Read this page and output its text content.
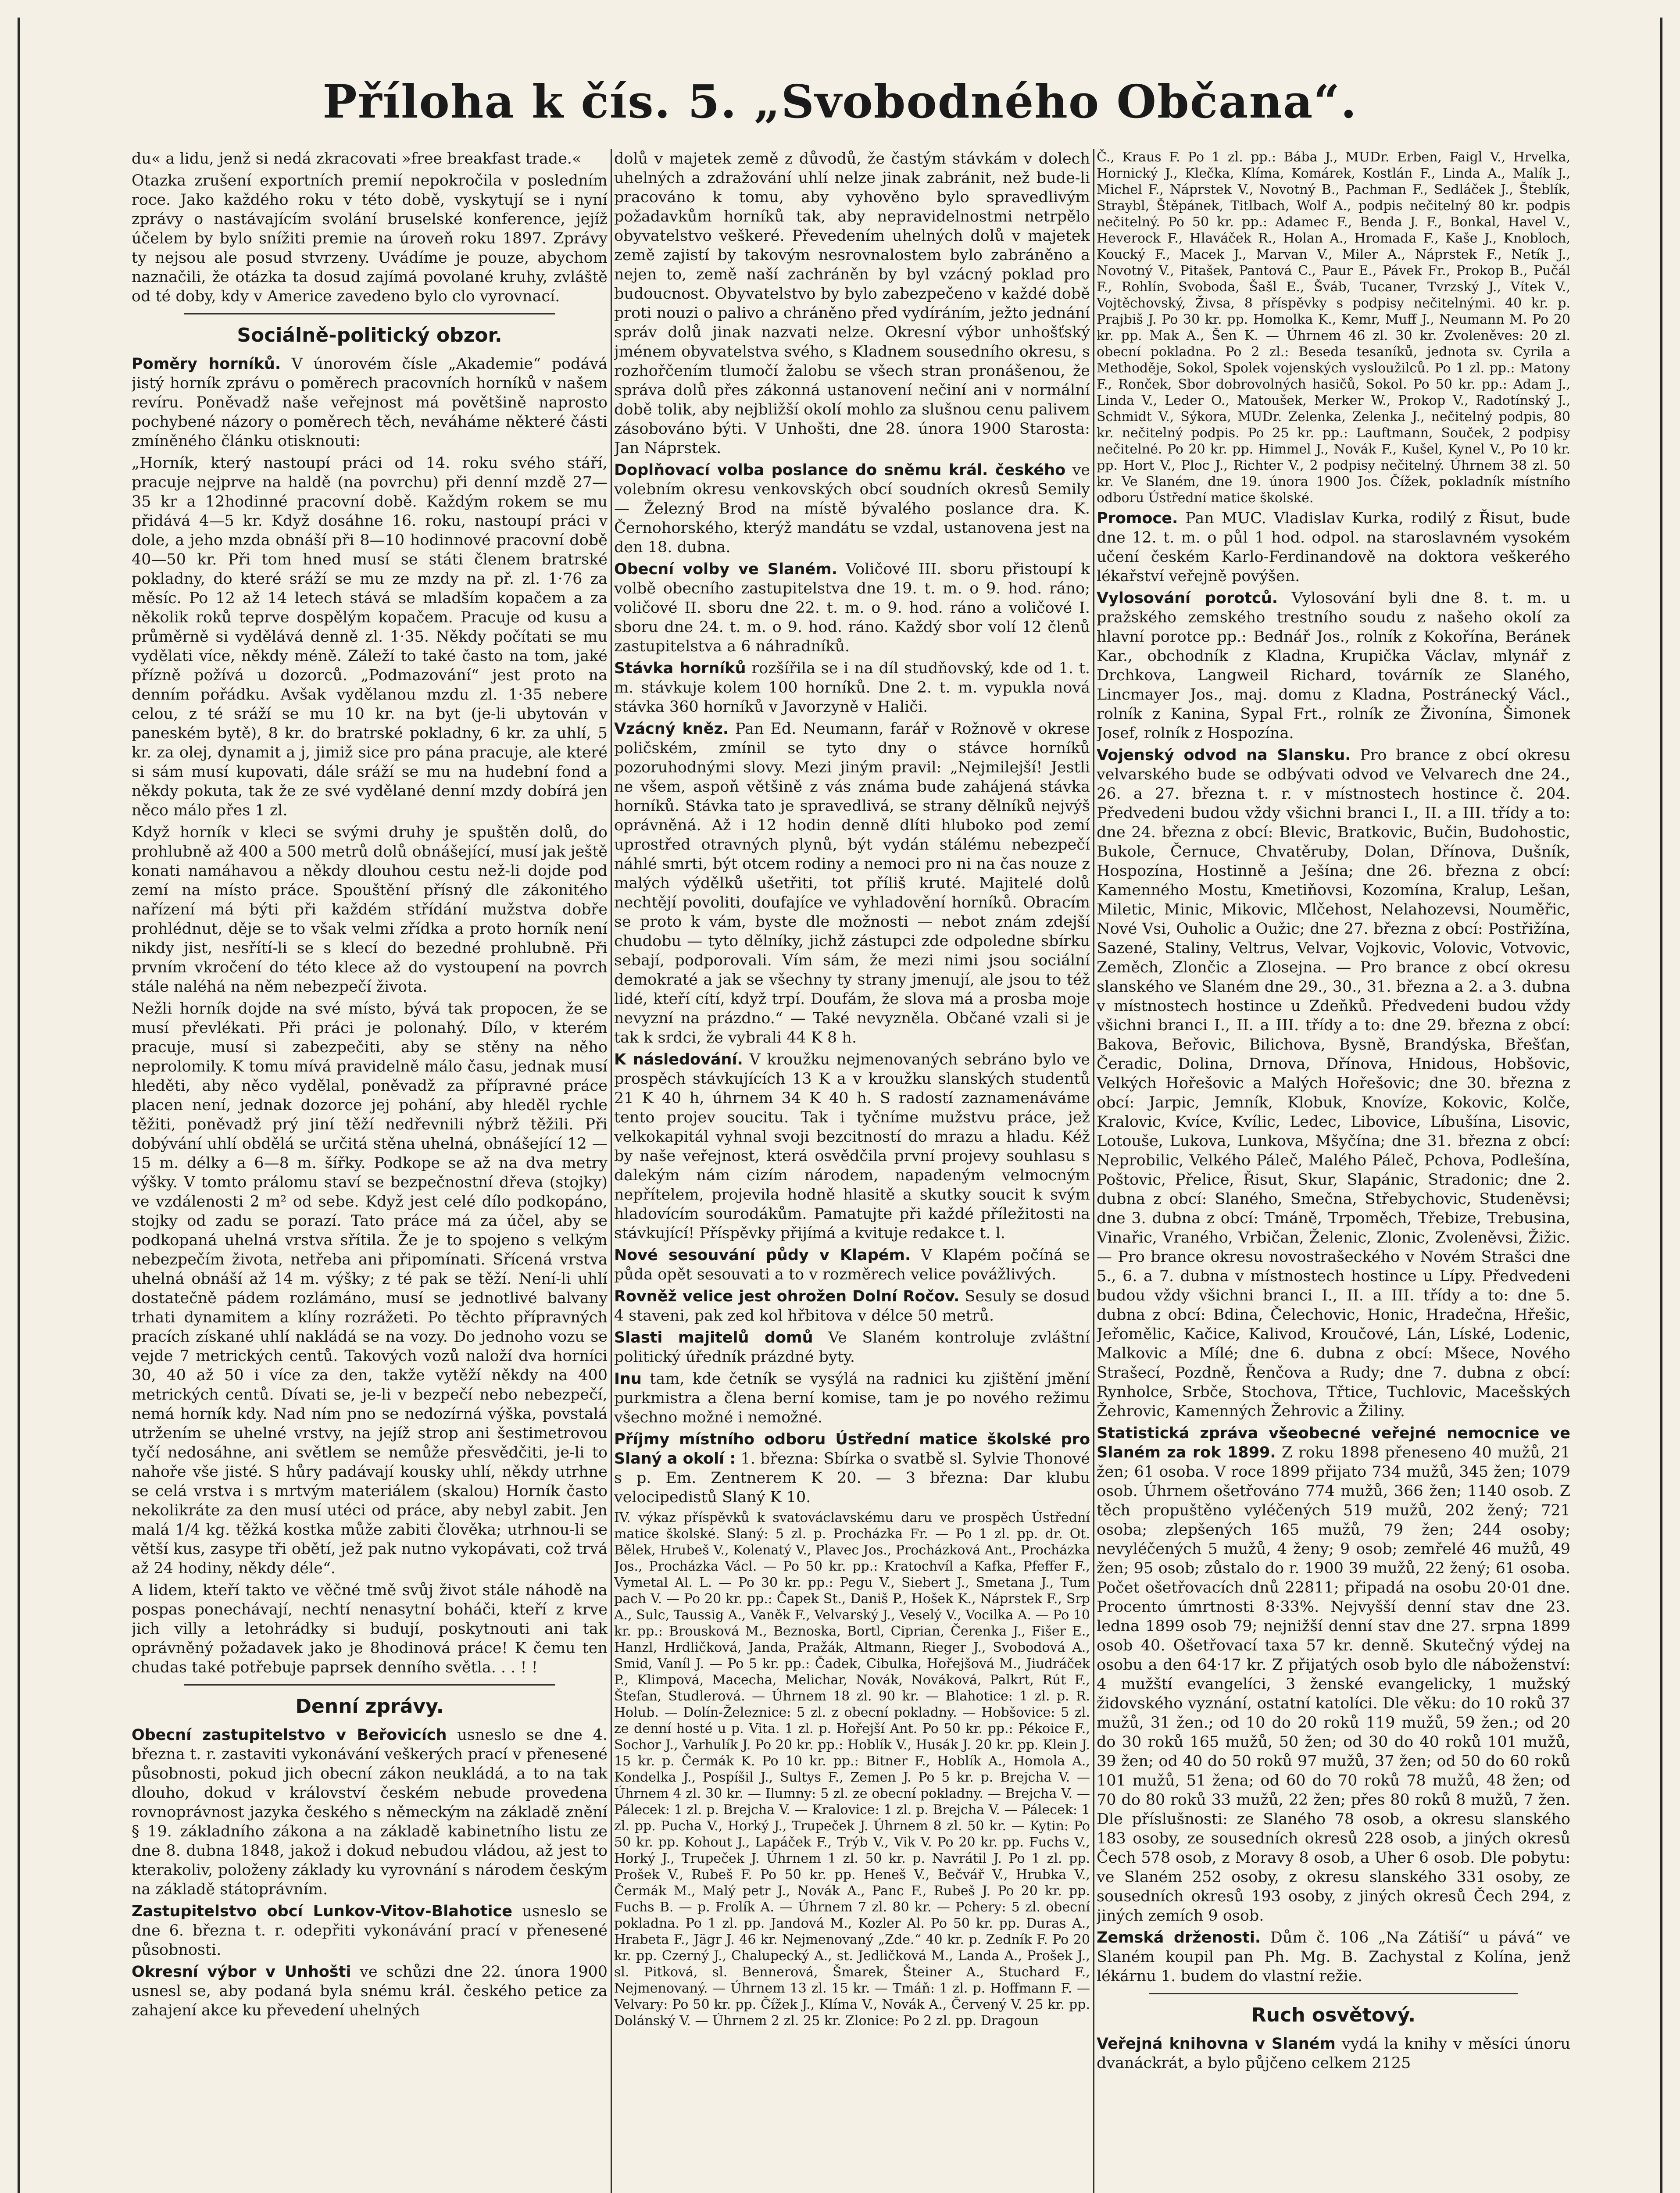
Příloha k čís. 5. „Svobodného Občana“.

du« a lidu, jenž si nedá zkracovati »free breakfast trade.«

Otazka zrušení exportních premií nepokročila v posledním roce. Jako každého roku v této době, vyskytují se i nyní zprávy o nastávajícím svolání bruselské konference, jejíž účelem by bylo snížiti premie na úroveň roku 1897. Zprávy ty nejsou ale posud stvrzeny. Uvádíme je pouze, abychom naznačili, že otázka ta dosud zajímá povolané kruhy, zvláště od té doby, kdy v Americe zavedeno bylo clo vyrovnací.

Sociálně-politický obzor.

Poměry horníků. V únorovém čísle „Akademie“ podává jistý horník zprávu o poměrech pracovních horníků v našem revíru. Poněvadž naše veřejnost má povětšině naprosto pochybené názory o poměrech těch, neváháme některé části zmíněného článku otisknouti:

„Horník, který nastoupí práci od 14. roku svého stáří, pracuje nejprve na haldě (na povrchu) při denní mzdě 27—35 kr a 12hodinné pracovní době. Každým rokem se mu přidává 4—5 kr. Když dosáhne 16. roku, nastoupí práci v dole, a jeho mzda obnáší při 8—10 hodinnové pracovní době 40—50 kr. Při tom hned musí se státi členem bratrské pokladny, do které sráží se mu ze mzdy na př. zl. 1·76 za měsíc. Po 12 až 14 letech stává se mladším kopačem a za několik roků teprve dospělým kopačem. Pracuje od kusu a průměrně si vydělává denně zl. 1·35. Někdy počítati se mu vydělati více, někdy méně. Záleží to také často na tom, jaké přízně požívá u dozorců. „Podmazování“ jest proto na denním pořádku. Avšak vydělanou mzdu zl. 1·35 nebere celou, z té sráží se mu 10 kr. na byt (je-li ubytován v paneském bytě), 8 kr. do bratrské pokladny, 6 kr. za uhlí, 5 kr. za olej, dynamit a j, jimiž sice pro pána pracuje, ale které si sám musí kupovati, dále sráží se mu na hudební fond a někdy pokuta, tak že ze své vydělané denní mzdy dobírá jen něco málo přes 1 zl.

Když horník v kleci se svými druhy je spuštěn dolů, do prohlubně až 400 a 500 metrů dolů obnášející, musí jak ještě konati namáhavou a někdy dlouhou cestu než-li dojde pod zemí na místo práce. Spouštění přísný dle zákonitého nařízení má býti při každém střídání mužstva dobře prohlédnut, děje se to však velmi zřídka a proto horník není nikdy jist, nesřítí-li se s klecí do bezedné prohlubně. Při prvním vkročení do této klece až do vystoupení na povrch stále naléhá na něm nebezpečí života.

Nežli horník dojde na své místo, bývá tak propocen, že se musí převlékati. Při práci je polonahý. Dílo, v kterém pracuje, musí si zabezpečiti, aby se stěny na něho neprolomily. K tomu mívá pravidelně málo času, jednak musí hleděti, aby něco vydělal, poněvadž za přípravné práce placen není, jednak dozorce jej pohání, aby hleděl rychle těžiti, poněvadž prý jiní těží nedřevnili nýbrž těžili. Při dobývání uhlí obdělá se určitá stěna uhelná, obnášející 12 — 15 m. délky a 6—8 m. šířky. Podkope se až na dva metry výšky. V tomto prálomu staví se bezpečnostní dřeva (stojky) ve vzdálenosti 2 m² od sebe. Když jest celé dílo podkopáno, stojky od zadu se porazí. Tato práce má za účel, aby se podkopaná uhelná vrstva sřítila. Že je to spojeno s velkým nebezpečím života, netřeba ani připomínati. Sřícená vrstva uhelná obnáší až 14 m. výšky; z té pak se těží. Není-li uhlí dostatečně pádem rozlámáno, musí se jednotlivé balvany trhati dynamitem a klíny rozrážeti. Po těchto přípravných pracích získané uhlí nakládá se na vozy. Do jednoho vozu se vejde 7 metrických centů. Takových vozů naloží dva horníci 30, 40 až 50 i více za den, takže vytěží někdy na 400 metrických centů. Dívati se, je-li v bezpečí nebo nebezpečí, nemá horník kdy. Nad ním pno se nedozírná výška, povstalá utržením se uhelné vrstvy, na jejíž strop ani šestimetrovou tyčí nedosáhne, ani světlem se nemůže přesvědčiti, je-li to nahoře vše jisté. S hůry padávají kousky uhlí, někdy utrhne se celá vrstva i s mrtvým materiálem (skalou) Horník často nekolikráte za den musí utéci od práce, aby nebyl zabit. Jen malá 1/4 kg. těžká kostka může zabiti člověka; utrhnou-li se větší kus, zasype tři obětí, jež pak nutno vykopávati, což trvá až 24 hodiny, někdy déle“.

A lidem, kteří takto ve věčné tmě svůj život stále náhodě na pospas ponechávají, nechtí nenasytní boháči, kteří z krve jich villy a letohrádky si budují, poskytnouti ani tak oprávněný požadavek jako je 8hodinová práce! K čemu ten chudas také potřebuje paprsek denního světla. . . ! !

Denní zprávy.

Obecní zastupitelstvo v Beřovicích usneslo se dne 4. března t. r. zastaviti vykonávání veškerých prací v přenesené působnosti, pokud jich obecní zákon neukládá, a to na tak dlouho, dokud v království českém nebude provedena rovnoprávnost jazyka českého s německým na základě znění § 19. základního zákona a na základě kabinetního listu ze dne 8. dubna 1848, jakož i dokud nebudou vládou, až jest to kterakoliv, položeny základy ku vyrovnání s národem českým na základě státoprávním.

Zastupitelstvo obcí Lunkov-Vitov-Blahotice usneslo se dne 6. března t. r. odepřiti vykonávání prací v přenesené působnosti.

Okresní výbor v Unhošti ve schůzi dne 22. února 1900 usnesl se, aby podaná byla snému král. českého petice za zahajení akce ku převedení uhelných

dolů v majetek země z důvodů, že častým stávkám v dolech uhelných a zdražování uhlí nelze jinak zabránit, než bude-li pracováno k tomu, aby vyhověno bylo spravedlivým požadavkům horníků tak, aby nepravidelnostmi netrpělo obyvatelstvo veškeré. Převedením uhelných dolů v majetek země zajistí by takovým nesrovnalostem bylo zabráněno a nejen to, země naší zachráněn by byl vzácný poklad pro budoucnost. Obyvatelstvo by bylo zabezpečeno v každé době proti nouzi o palivo a chráněno před vydíráním, ježto jednání správ dolů jinak nazvati nelze. Okresní výbor unhošťský jménem obyvatelstva svého, s Kladnem sousedního okresu, s rozhořčením tlumočí žalobu se všech stran pronášenou, že správa dolů přes zákonná ustanovení nečiní ani v normální době tolik, aby nejbližší okolí mohlo za slušnou cenu palivem zásobováno býti. V Unhošti, dne 28. února 1900 Starosta: Jan Náprstek.

Doplňovací volba poslance do sněmu král. českého ve volebním okresu venkovských obcí soudních okresů Semily — Železný Brod na místě bývalého poslance dra. K. Černohorského, kterýž mandátu se vzdal, ustanovena jest na den 18. dubna.

Obecní volby ve Slaném. Voličové III. sboru přistoupí k volbě obecního zastupitelstva dne 19. t. m. o 9. hod. ráno; voličové II. sboru dne 22. t. m. o 9. hod. ráno a voličové I. sboru dne 24. t. m. o 9. hod. ráno. Každý sbor volí 12 členů zastupitelstva a 6 náhradníků.

Stávka horníků rozšířila se i na díl studňovský, kde od 1. t. m. stávkuje kolem 100 horníků. Dne 2. t. m. vypukla nová stávka 360 horníků v Javorzyně v Haliči.

Vzácný kněz. Pan Ed. Neumann, farář v Rožnově v okrese poličském, zmínil se tyto dny o stávce horníků pozoruhodnými slovy. Mezi jiným pravil: „Nejmilejší! Jestli ne všem, aspoň většině z vás známa bude zahájená stávka horníků. Stávka tato je spravedlivá, se strany dělníků nejvýš oprávněná. Až i 12 hodin denně dlíti hluboko pod zemí uprostřed otravných plynů, být vydán stálému nebezpečí náhlé smrti, být otcem rodiny a nemoci pro ni na čas nouze z malých výdělků ušetřiti, tot příliš kruté. Majitelé dolů nechtějí povoliti, doufajíce ve vyhladovění horníků. Obracím se proto k vám, byste dle možnosti — nebot znám zdejší chudobu — tyto dělníky, jichž zástupci zde odpoledne sbírku sebají, podporovali. Vím sám, že mezi nimi jsou sociální demokraté a jak se všechny ty strany jmenují, ale jsou to též lidé, kteří cítí, když trpí. Doufám, že slova má a prosba moje nevyzní na prázdno.“ — Také nevyzněla. Občané vzali si je tak k srdci, že vybrali 44 K 8 h.

K následování. V kroužku nejmenovaných sebráno bylo ve prospěch stávkujících 13 K a v kroužku slanských studentů 21 K 40 h, úhrnem 34 K 40 h. S radostí zaznamenáváme tento projev soucitu. Tak i tyčníme mužstvu práce, jež velkokapitál vyhnal svoji bezcitností do mrazu a hladu. Kéž by naše veřejnost, která osvědčila první projevy souhlasu s dalekým nám cizím národem, napadeným velmocným nepřítelem, projevila hodně hlasitě a skutky soucit k svým hladovícím sourodákům. Pamatujte při každé příležitosti na stávkující! Příspěvky přijímá a kvituje redakce t. l.

Nové sesouvání půdy v Klapém. V Klapém počíná se půda opět sesouvati a to v rozměrech velice povážlivých.

Rovněž velice jest ohrožen Dolní Ročov. Sesuly se dosud 4 staveni, pak zed kol hřbitova v délce 50 metrů.

Slasti majitelů domů Ve Slaném kontroluje zvláštní politický úředník prázdné byty.

Inu tam, kde četník se vysýlá na radnici ku zjištění jmění purkmistra a člena berní komise, tam je po nového režimu všechno možné i nemožné.

Příjmy místního odboru Ústřední matice školské pro Slaný a okolí : 1. března: Sbírka o svatbě sl. Sylvie Thonové s p. Em. Zentnerem K 20. — 3 března: Dar klubu velocipedistů Slaný K 10.

IV. výkaz příspěvků k svatováclavskému daru ve prospěch Ústřední matice školské. Slaný: 5 zl. p. Procházka Fr. — Po 1 zl. pp. dr. Ot. Bělek, Hrubeš V., Kolenatý V., Plavec Jos., Procházková Ant., Procházka Jos., Procházka Václ. — Po 50 kr. pp.: Kratochvíl a Kafka, Pfeffer F., Vymetal Al. L. — Po 30 kr. pp.: Pegu V., Siebert J., Smetana J., Tum pach V. — Po 20 kr. pp.: Čapek St., Daniš P., Hošek K., Náprstek F., Srp A., Sulc, Taussig A., Vaněk F., Velvarský J., Veselý V., Vocilka A. — Po 10 kr. pp.: Brousková M., Beznoska, Bortl, Ciprian, Čerenka J., Fišer E., Hanzl, Hrdličková, Janda, Pražák, Altmann, Rieger J., Svobodová A., Smid, Vaníl J. — Po 5 kr. pp.: Čadek, Cibulka, Hořejšová M., Jiudráček P., Klimpová, Macecha, Melichar, Novák, Nováková, Palkrt, Rút F., Štefan, Studlerová. — Úhrnem 18 zl. 90 kr. — Blahotice: 1 zl. p. R. Holub. — Dolín-Železnice: 5 zl. z obecní pokladny. — Hobšovice: 5 zl. ze denní hosté u p. Vita. 1 zl. p. Hořejší Ant. Po 50 kr. pp.: Pékoice F., Sochor J., Varhulík J. Po 20 kr. pp.: Hoblík V., Husák J. 20 kr. pp. Klein J. 15 kr. p. Čermák K. Po 10 kr. pp.: Bitner F., Hoblík A., Homola A., Kondelka J., Pospíšil J., Sultys F., Zemen J. Po 5 kr. p. Brejcha V. — Úhrnem 4 zl. 30 kr. — Ilumny: 5 zl. ze obecní pokladny. — Brejcha V. — Pálecek: 1 zl. p. Brejcha V. — Kralovice: 1 zl. p. Brejcha V. — Pálecek: 1 zl. pp. Pucha V., Horký J., Trupeček J. Úhrnem 8 zl. 50 kr. — Kytin: Po 50 kr. pp. Kohout J., Lapáček F., Trýb V., Vik V. Po 20 kr. pp. Fuchs V., Horký J., Trupeček J. Úhrnem 1 zl. 50 kr. p. Navrátil J. Po 1 zl. pp. Prošek V., Rubeš F. Po 50 kr. pp. Heneš V., Bečvář V., Hrubka V., Čermák M., Malý petr J., Novák A., Panc F., Rubeš J. Po 20 kr. pp. Fuchs B. — p. Frolík A. — Úhrnem 7 zl. 80 kr. — Pchery: 5 zl. obecní pokladna. Po 1 zl. pp. Jandová M., Kozler Al. Po 50 kr. pp. Duras A., Hrabeta F., Jägr J. 46 kr. Nejmenovaný „Zde.“ 40 kr. p. Zedník F. Po 20 kr. pp. Czerný J., Chalupecký A., st. Jedličková M., Landa A., Prošek J., sl. Pitková, sl. Bennerová, Šmarek, Šteiner A., Stuchard F., Nejmenovaný. — Úhrnem 13 zl. 15 kr. — Tmáň: 1 zl. p. Hoffmann F. — Velvary: Po 50 kr. pp. Čížek J., Klíma V., Novák A., Červený V. 25 kr. pp. Dolánský V. — Úhrnem 2 zl. 25 kr. Zlonice: Po 2 zl. pp. Dragoun

Č., Kraus F. Po 1 zl. pp.: Bába J., MUDr. Erben, Faigl V., Hrvelka, Hornický J., Klečka, Klíma, Komárek, Kostlán F., Linda A., Malík J., Michel F., Náprstek V., Novotný B., Pachman F., Sedláček J., Šteblík, Straybl, Štěpánek, Titlbach, Wolf A., podpis nečitelný 80 kr. podpis nečitelný. Po 50 kr. pp.: Adamec F., Benda J. F., Bonkal, Havel V., Heverock F., Hlaváček R., Holan A., Hromada F., Kaše J., Knobloch, Koucký F., Macek J., Marvan V., Miler A., Náprstek F., Netík J., Novotný V., Pitašek, Pantová C., Paur E., Pávek Fr., Prokop B., Pučál F., Rohlín, Svoboda, Šašl E., Šváb, Tucaner, Tvrzský J., Vítek V., Vojtěchovský, Živsa, 8 příspěvky s podpisy nečitelnými. 40 kr. p. Prajbiš J. Po 30 kr. pp. Homolka K., Kemr, Muff J., Neumann M. Po 20 kr. pp. Mak A., Šen K. — Úhrnem 46 zl. 30 kr. Zvoleněves: 20 zl. obecní pokladna. Po 2 zl.: Beseda tesaníků, jednota sv. Cyrila a Methoděje, Sokol, Spolek vojenských vysloužilců. Po 1 zl. pp.: Matony F., Ronček, Sbor dobrovolných hasičů, Sokol. Po 50 kr. pp.: Adam J., Linda V., Leder O., Matoušek, Merker W., Prokop V., Radotínský J., Schmidt V., Sýkora, MUDr. Zelenka, Zelenka J., nečitelný podpis, 80 kr. nečitelný podpis. Po 25 kr. pp.: Lauftmann, Souček, 2 podpisy nečitelné. Po 20 kr. pp. Himmel J., Novák F., Kušel, Kynel V., Po 10 kr. pp. Hort V., Ploc J., Richter V., 2 podpisy nečitelný. Úhrnem 38 zl. 50 kr. Ve Slaném, dne 19. února 1900 Jos. Čížek, pokladník místního odboru Ústřední matice školské.

Promoce. Pan MUC. Vladislav Kurka, rodilý z Řisut, bude dne 12. t. m. o půl 1 hod. odpol. na staroslavném vysokém učení českém Karlo-Ferdinandově na doktora veškerého lékařství veřejně povýšen.

Vylosování porotců. Vylosování byli dne 8. t. m. u pražského zemského trestního soudu z našeho okolí za hlavní porotce pp.: Bednář Jos., rolník z Kokořína, Beránek Kar., obchodník z Kladna, Krupička Václav, mlynář z Drchkova, Langweil Richard, továrník ze Slaného, Lincmayer Jos., maj. domu z Kladna, Postránecký Václ., rolník z Kanina, Sypal Frt., rolník ze Živonína, Šimonek Josef, rolník z Hospozína.

Vojenský odvod na Slansku. Pro brance z obcí okresu velvarského bude se odbývati odvod ve Velvarech dne 24., 26. a 27. března t. r. v místnostech hostince č. 204. Předvedeni budou vždy všichni branci I., II. a III. třídy a to: dne 24. března z obcí: Blevic, Bratkovic, Bučin, Budohostic, Bukole, Černuce, Chvatěruby, Dolan, Dřínova, Dušník, Hospozína, Hostinně a Ješína; dne 26. března z obcí: Kamenného Mostu, Kmetiňovsi, Kozomína, Kralup, Lešan, Miletic, Minic, Mikovic, Mlčehost, Nelahozevsi, Nouměřic, Nové Vsi, Ouholic a Oužic; dne 27. března z obcí: Postřižína, Sazené, Staliny, Veltrus, Velvar, Vojkovic, Volovic, Votvovic, Zeměch, Zlončic a Zlosejna. — Pro brance z obcí okresu slanského ve Slaném dne 29., 30., 31. března a 2. a 3. dubna v místnostech hostince u Zdeňků. Předvedeni budou vždy všichni branci I., II. a III. třídy a to: dne 29. března z obcí: Bakova, Beřovic, Bilichova, Bysně, Brandýska, Břešťan, Čeradic, Dolina, Drnova, Dřínova, Hnidous, Hobšovic, Velkých Hořešovic a Malých Hořešovic; dne 30. března z obcí: Jarpic, Jemník, Klobuk, Knovíze, Kokovic, Kolče, Kralovic, Kvíce, Kvílic, Ledec, Libovice, Líbušína, Lisovic, Lotouše, Lukova, Lunkova, Mšyčína; dne 31. března z obcí: Neprobilic, Velkého Páleč, Malého Páleč, Pchova, Podlešína, Poštovic, Přelice, Řisut, Skur, Slapánic, Stradonic; dne 2. dubna z obcí: Slaného, Smečna, Střebychovic, Studeněvsi; dne 3. dubna z obcí: Tmáně, Trpoměch, Třebize, Trebusina, Vinařic, Vraného, Vrbičan, Želenic, Zlonic, Zvoleněvsi, Žižic. — Pro brance okresu novostrašeckého v Novém Strašci dne 5., 6. a 7. dubna v místnostech hostince u Lípy. Předvedeni budou vždy všichni branci I., II. a III. třídy a to: dne 5. dubna z obcí: Bdina, Čelechovic, Honic, Hradečna, Hřešic, Jeřomělic, Kačice, Kalivod, Kroučové, Lán, Líské, Lodenic, Malkovic a Mílé; dne 6. dubna z obcí: Mšece, Nového Strašecí, Pozdně, Řenčova a Rudy; dne 7. dubna z obcí: Rynholce, Srbče, Stochova, Třtice, Tuchlovic, Macešských Žehrovic, Kamenných Žehrovic a Žiliny.

Statistická zpráva všeobecné veřejné nemocnice ve Slaném za rok 1899. Z roku 1898 přeneseno 40 mužů, 21 žen; 61 osoba. V roce 1899 přijato 734 mužů, 345 žen; 1079 osob. Úhrnem ošetřováno 774 mužů, 366 žen; 1140 osob. Z těch propuštěno vyléčených 519 mužů, 202 žený; 721 osoba; zlepšených 165 mužů, 79 žen; 244 osoby; nevyléčených 5 mužů, 4 ženy; 9 osob; zemřelé 46 mužů, 49 žen; 95 osob; zůstalo do r. 1900 39 mužů, 22 žený; 61 osoba. Počet ošetřovacích dnů 22811; připadá na osobu 20·01 dne. Procento úmrtnosti 8·33%. Nejvyšší denní stav dne 23. ledna 1899 osob 79; nejnižší denní stav dne 27. srpna 1899 osob 40. Ošetřovací taxa 57 kr. denně. Skutečný výdej na osobu a den 64·17 kr. Z přijatých osob bylo dle náboženství: 4 mužští evangelíci, 3 ženské evangelicky, 1 mužský židovského vyznání, ostatní katolíci. Dle věku: do 10 roků 37 mužů, 31 žen.; od 10 do 20 roků 119 mužů, 59 žen.; od 20 do 30 roků 165 mužů, 50 žen; od 30 do 40 roků 101 mužů, 39 žen; od 40 do 50 roků 97 mužů, 37 žen; od 50 do 60 roků 101 mužů, 51 žena; od 60 do 70 roků 78 mužů, 48 žen; od 70 do 80 roků 33 mužů, 22 žen; přes 80 roků 8 mužů, 7 žen. Dle příslušnosti: ze Slaného 78 osob, a okresu slanského 183 osoby, ze sousedních okresů 228 osob, a jiných okresů Čech 578 osob, z Moravy 8 osob, a Uher 6 osob. Dle pobytu: ve Slaném 252 osoby, z okresu slanského 331 osoby, ze sousedních okresů 193 osoby, z jiných okresů Čech 294, z jiných zemích 9 osob.

Zemská drženosti. Dům č. 106 „Na Zátiší“ u pává“ ve Slaném koupil pan Ph. Mg. B. Zachystal z Kolína, jenž lékárnu 1. budem do vlastní režie.

Ruch osvětový.

Veřejná knihovna v Slaném vydá la knihy v měsíci únoru dvanáckrát, a bylo půjčeno celkem 2125
